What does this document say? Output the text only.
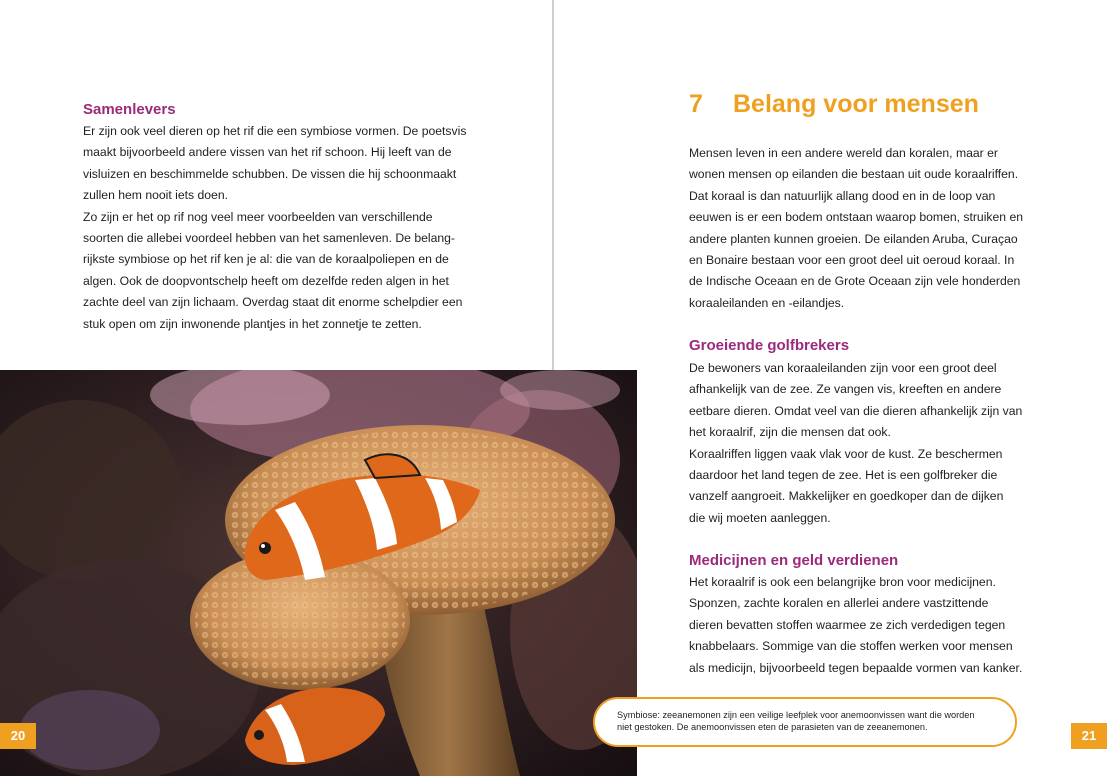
Samenlevers

Er zijn ook veel dieren op het rif die een symbiose vormen. De poetsvis
maakt bijvoorbeeld andere vissen van het rif schoon. Hij leeft van de
visluizen en beschimmelde schubben. De vissen die hij schoonmaakt
zullen hem nooit iets doen.
Zo zijn er het op rif nog veel meer voorbeelden van verschillende
soorten die allebei voordeel hebben van het samenleven. De belang-
rijkste symbiose op het rif ken je al: die van de koraalpoliepen en de
algen. Ook de doopvontschelp heeft om dezelfde reden algen in het
zachte deel van zijn lichaam. Overdag staat dit enorme schelpdier een
stuk open om zijn inwonende plantjes in het zonnetje te zetten.

7 Belang voor mensen

Mensen leven in een andere wereld dan koralen, maar er
wonen mensen op eilanden die bestaan uit oude koraalriffen.
Dat koraal is dan natuurlijk allang dood en in de loop van
eeuwen is er een bodem ontstaan waarop bomen, struiken en
andere planten kunnen groeien. De eilanden Aruba, Curaçao
en Bonaire bestaan voor een groot deel uit oeroud koraal. In
de Indische Oceaan en de Grote Oceaan zijn vele honderden
koraaleilanden en -eilandjes.

Groeiende golfbrekers

De bewoners van koraaleilanden zijn voor een groot deel
afhankelijk van de zee. Ze vangen vis, kreeften en andere
eetbare dieren. Omdat veel van die dieren afhankelijk zijn van
het koraalrif, zijn die mensen dat ook.
Koraalriffen liggen vaak vlak voor de kust. Ze beschermen
daardoor het land tegen de zee. Het is een golfbreker die
vanzelf aangroeit. Makkelijker en goedkoper dan de dijken
die wij moeten aanleggen.

Medicijnen en geld verdienen

Het koraalrif is ook een belangrijke bron voor medicijnen.
Sponzen, zachte koralen en allerlei andere vastzittende
dieren bevatten stoffen waarmee ze zich verdedigen tegen
knabbelaars. Sommige van die stoffen werken voor mensen
als medicijn, bijvoorbeeld tegen bepaalde vormen van kanker.

Symbiose: zeeanemonen zijn een veilige leefplek voor anemoonvissen want die worden
niet gestoken. De anemoonvissen eten de parasieten van de zeeanemonen.
20	21
